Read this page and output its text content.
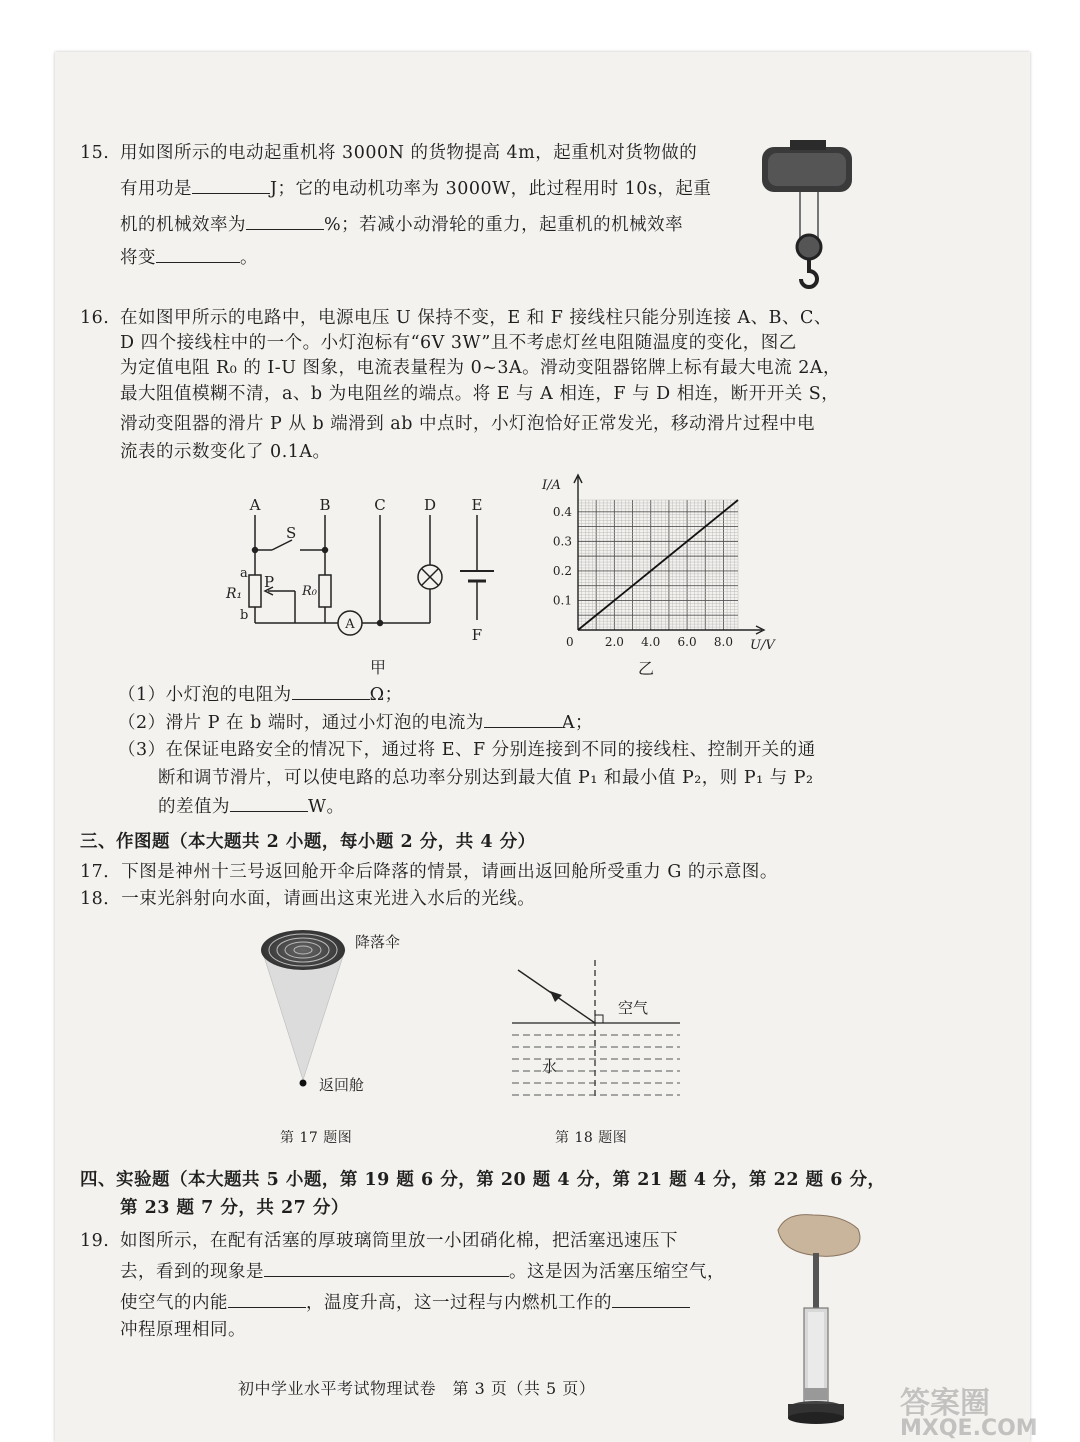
15. 用如图所示的电动起重机将 3000N 的货物提高 4m，起重机对货物做的
有用功是	J；它的电动机功率为 3000W，此过程用时 10s，起重
机的机械效率为	%；若减小动滑轮的重力，起重机的机械效率
将变	。
16. 在如图甲所示的电路中，电源电压 U 保持不变，E 和 F 接线柱只能分别连接 A、B、C、
D 四个接线柱中的一个。小灯泡标有“6V 3W”且不考虑灯丝电阻随温度的变化，图乙
为定值电阻 R₀ 的 I-U 图象，电流表量程为 0~3A。滑动变阻器铭牌上标有最大电流 2A，
最大阻值模糊不清，a、b 为电阻丝的端点。将 E 与 A 相连，F 与 D 相连，断开开关 S，
滑动变阻器的滑片 P 从 b 端滑到 ab 中点时，小灯泡恰好正常发光，移动滑片过程中电
流表的示数变化了 0.1A。
A	B	C	D E
F
S
P
a
b
R₁	R₀
A
甲
2.0 4.0 6.0 8.0
0.1
0.2
0.3
0.4
I/A
U/V
0
乙
（1）小灯泡的电阻为	Ω；
（2）滑片 P 在 b 端时，通过小灯泡的电流为	A；
（3）在保证电路安全的情况下，通过将 E、F 分别连接到不同的接线柱、控制开关的通
断和调节滑片，可以使电路的总功率分别达到最大值 P₁ 和最小值 P₂，则 P₁ 与 P₂
的差值为	W。
三、作图题（本大题共 2 小题，每小题 2 分，共 4 分）
17．下图是神州十三号返回舱开伞后降落的情景，请画出返回舱所受重力 G 的示意图。
18．一束光斜射向水面，请画出这束光进入水后的光线。
降落伞
返回舱
第 17 题图
空气
水
第 18 题图
四、实验题（本大题共 5 小题，第 19 题 6 分，第 20 题 4 分，第 21 题 4 分，第 22 题 6 分，
第 23 题 7 分，共 27 分）
19. 如图所示，在配有活塞的厚玻璃筒里放一小团硝化棉，把活塞迅速压下
去，看到的现象是	。这是因为活塞压缩空气，
使空气的内能	，温度升高，这一过程与内燃机工作的
冲程原理相同。
初中学业水平考试物理试卷　第 3 页（共 5 页）	答案圈
MXQE.COM
